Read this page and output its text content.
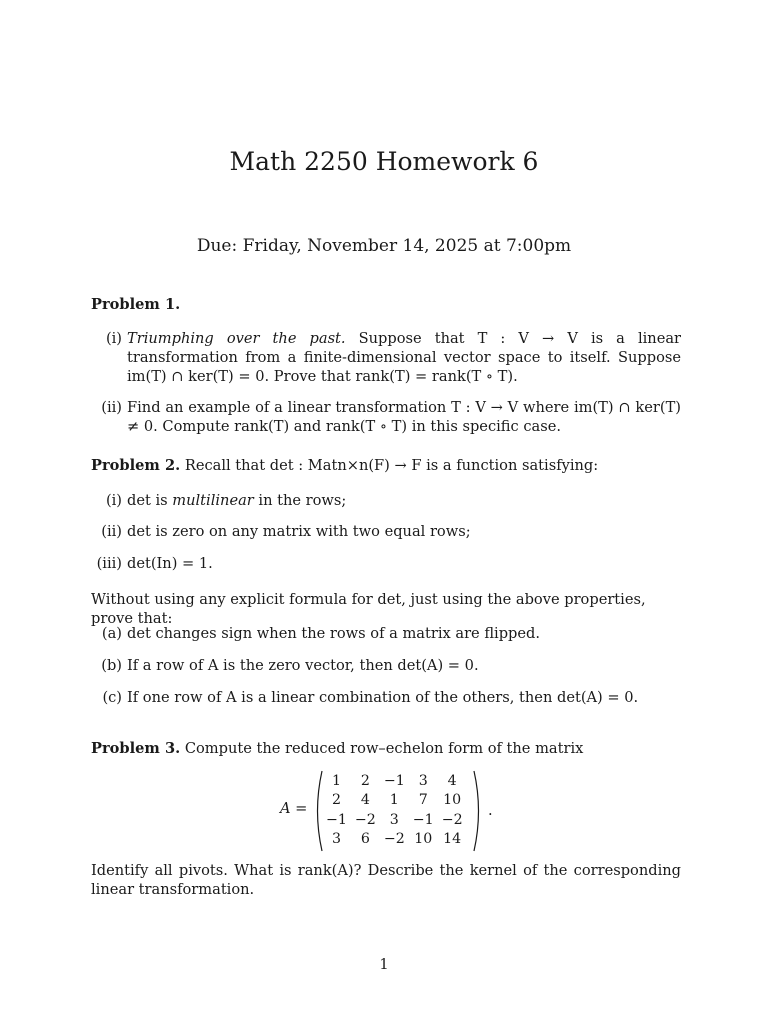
Math 2250 Homework 6
Due: Friday, November 14, 2025 at 7:00pm
Problem 1.
(i) Triumphing over the past. Suppose that T : V → V is a linear transformation from a finite-dimensional vector space to itself. Suppose im(T) ∩ ker(T) = 0. Prove that rank(T) = rank(T ∘ T).
(ii) Find an example of a linear transformation T : V → V where im(T) ∩ ker(T) ≠ 0. Compute rank(T) and rank(T ∘ T) in this specific case.
Problem 2. Recall that det : Matn×n(F) → F is a function satisfying:
(i) det is multilinear in the rows;
(ii) det is zero on any matrix with two equal rows;
(iii) det(In) = 1.
Without using any explicit formula for det, just using the above properties, prove that:
(a) det changes sign when the rows of a matrix are flipped.
(b) If a row of A is the zero vector, then det(A) = 0.
(c) If one row of A is a linear combination of the others, then det(A) = 0.
Problem 3. Compute the reduced row–echelon form of the matrix
A =
1	2	−1	3	4
2	4	1	7	10
−1	−2	3	−1	−2
3	6	−2	10	14
.
Identify all pivots. What is rank(A)? Describe the kernel of the corresponding linear transformation.
1
